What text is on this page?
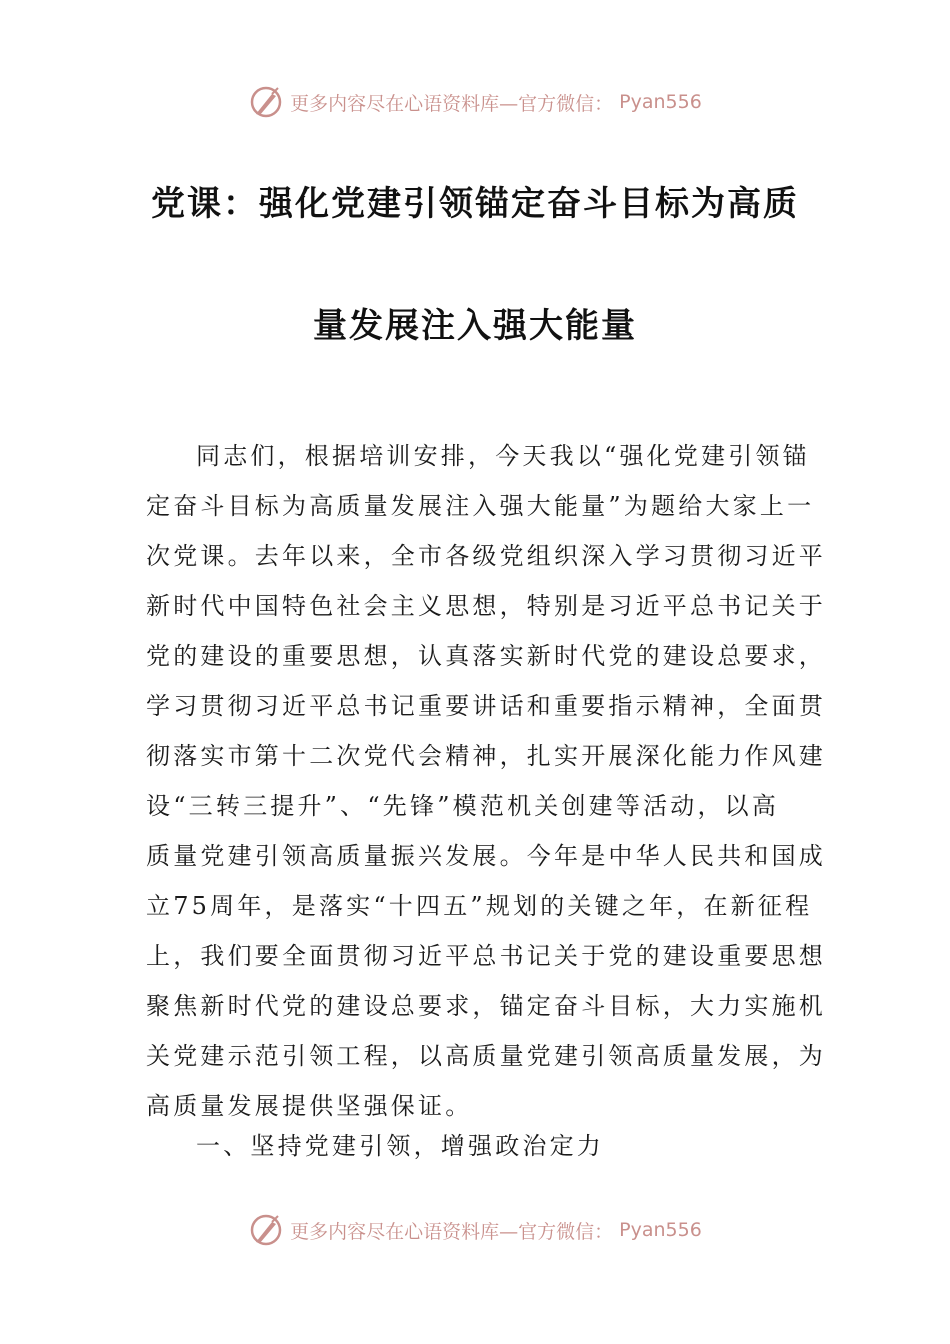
更多内容尽在心语资料库—官方微信： Pyan556
党课：强化党建引领锚定奋斗目标为高质
量发展注入强大能量
同志们，根据培训安排，今天我以“强化党建引领锚
定奋斗目标为高质量发展注入强大能量”为题给大家上一
次党课。去年以来，全市各级党组织深入学习贯彻习近平
新时代中国特色社会主义思想，特别是习近平总书记关于
党的建设的重要思想，认真落实新时代党的建设总要求，
学习贯彻习近平总书记重要讲话和重要指示精神，全面贯
彻落实市第十二次党代会精神，扎实开展深化能力作风建
设“三转三提升”、“先锋”模范机关创建等活动，以高
质量党建引领高质量振兴发展。今年是中华人民共和国成
立75周年，是落实“十四五”规划的关键之年，在新征程
上，我们要全面贯彻习近平总书记关于党的建设重要思想
聚焦新时代党的建设总要求，锚定奋斗目标，大力实施机
关党建示范引领工程，以高质量党建引领高质量发展，为
高质量发展提供坚强保证。
一、坚持党建引领，增强政治定力
更多内容尽在心语资料库—官方微信： Pyan556
